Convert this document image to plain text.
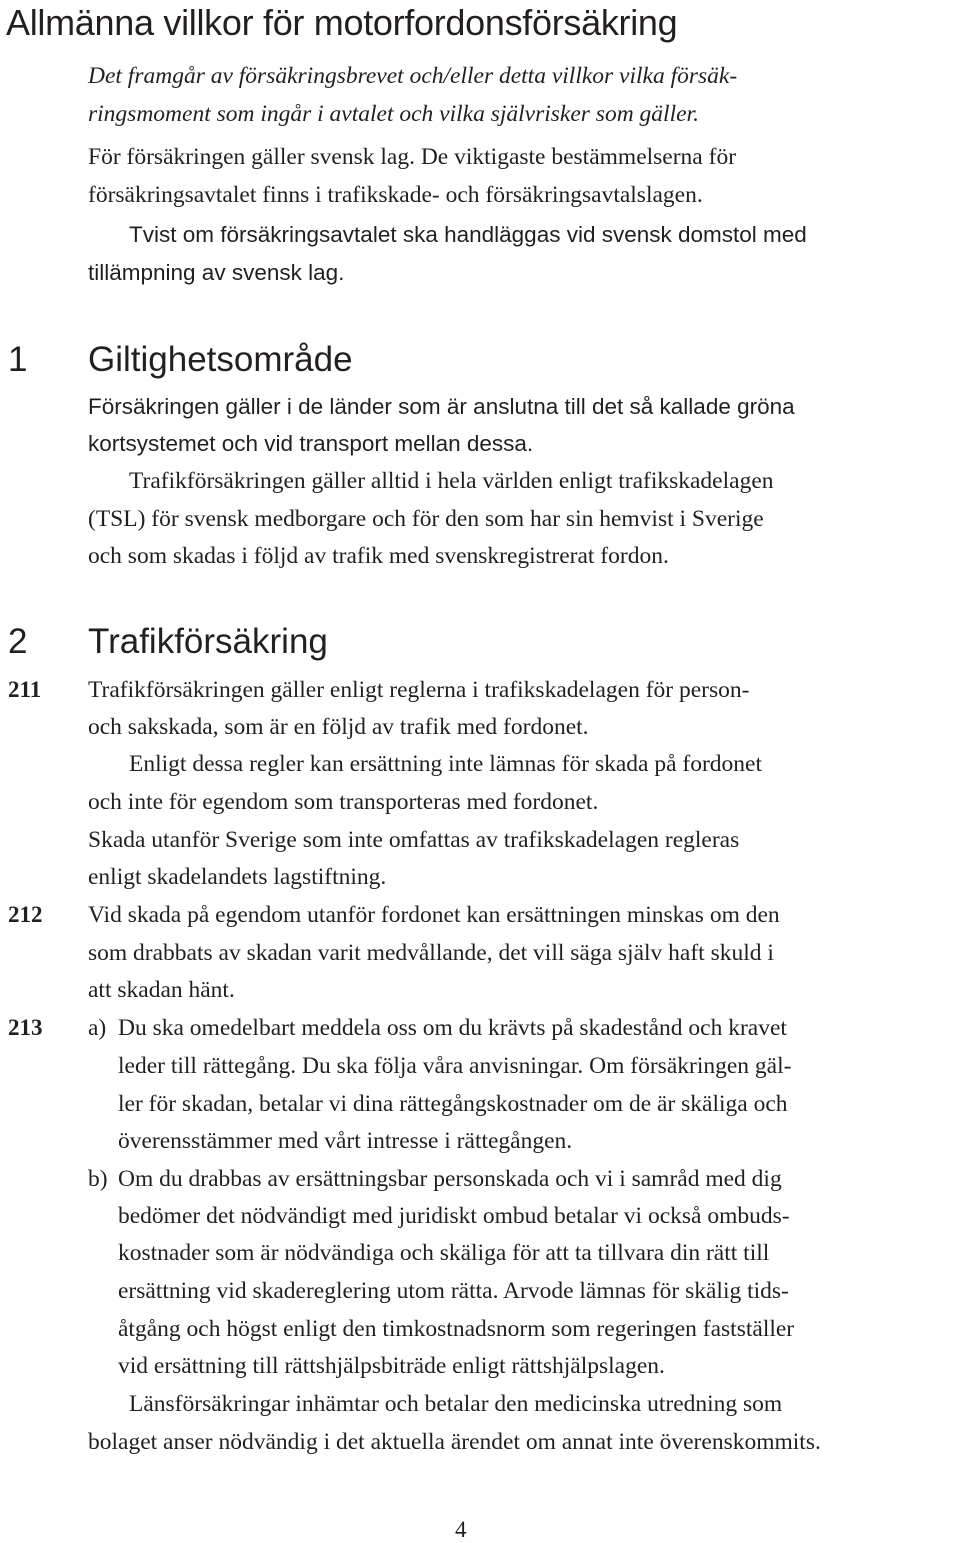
Allmänna villkor för motorfordonsförsäkring
Det framgår av försäkringsbrevet och/eller detta villkor vilka försäk-
ringsmoment som ingår i avtalet och vilka självrisker som gäller.
För försäkringen gäller svensk lag. De viktigaste bestämmelserna för
försäkringsavtalet finns i trafikskade- och försäkringsavtalslagen.
Tvist om försäkringsavtalet ska handläggas vid svensk domstol med
tillämpning av svensk lag.
1 Giltighetsområde
Försäkringen gäller i de länder som är anslutna till det så kallade gröna
kortsystemet och vid transport mellan dessa.
Trafikförsäkringen gäller alltid i hela världen enligt trafikskadelagen
(TSL) för svensk medborgare och för den som har sin hemvist i Sverige
och som skadas i följd av trafik med svenskregistrerat fordon.
2 Trafikförsäkring
211 Trafikförsäkringen gäller enligt reglerna i trafikskadelagen för person-
och sakskada, som är en följd av trafik med fordonet.
Enligt dessa regler kan ersättning inte lämnas för skada på fordonet
och inte för egendom som transporteras med fordonet.
Skada utanför Sverige som inte omfattas av trafikskadelagen regleras
enligt skadelandets lagstiftning.
212 Vid skada på egendom utanför fordonet kan ersättningen minskas om den
som drabbats av skadan varit medvållande, det vill säga själv haft skuld i
att skadan hänt.
213 a) Du ska omedelbart meddela oss om du krävts på skadestånd och kravet
leder till rättegång. Du ska följa våra anvisningar. Om försäkringen gäl-
ler för skadan, betalar vi dina rättegångskostnader om de är skäliga och
överensstämmer med vårt intresse i rättegången.
b) Om du drabbas av ersättningsbar personskada och vi i samråd med dig
bedömer det nödvändigt med juridiskt ombud betalar vi också ombuds-
kostnader som är nödvändiga och skäliga för att ta tillvara din rätt till
ersättning vid skadereglering utom rätta. Arvode lämnas för skälig tids-
åtgång och högst enligt den timkostnadsnorm som regeringen fastställer
vid ersättning till rättshjälpsbiträde enligt rättshjälpslagen.
Länsförsäkringar inhämtar och betalar den medicinska utredning som
bolaget anser nödvändig i det aktuella ärendet om annat inte överenskommits.
4
